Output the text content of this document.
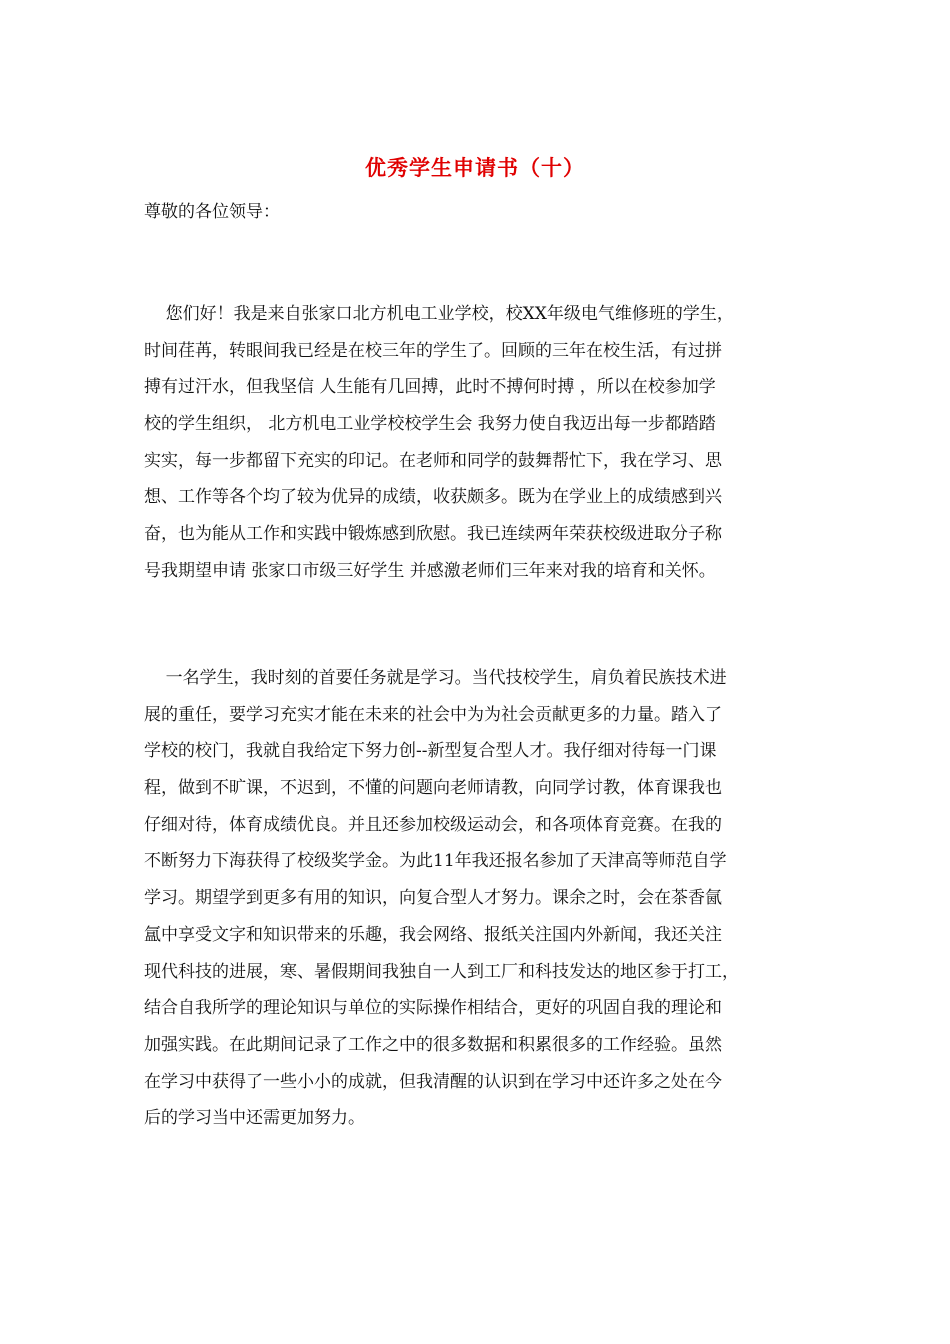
优秀学生申请书（十）
尊敬的各位领导：
您们好！我是来自张家口北方机电工业学校，校XX年级电气维修班的学生，
时间荏苒，转眼间我已经是在校三年的学生了。回顾的三年在校生活，有过拼
搏有过汗水，但我坚信 人生能有几回搏，此时不搏何时搏 ，所以在校参加学
校的学生组织， 北方机电工业学校校学生会 我努力使自我迈出每一步都踏踏
实实，每一步都留下充实的印记。在老师和同学的鼓舞帮忙下，我在学习、思
想、工作等各个均了较为优异的成绩，收获颇多。既为在学业上的成绩感到兴
奋，也为能从工作和实践中锻炼感到欣慰。我已连续两年荣获校级进取分子称
号我期望申请 张家口市级三好学生 并感激老师们三年来对我的培育和关怀。
一名学生，我时刻的首要任务就是学习。当代技校学生，肩负着民族技术进
展的重任，要学习充实才能在未来的社会中为为社会贡献更多的力量。踏入了
学校的校门，我就自我给定下努力创--新型复合型人才。我仔细对待每一门课
程，做到不旷课，不迟到，不懂的问题向老师请教，向同学讨教，体育课我也
仔细对待，体育成绩优良。并且还参加校级运动会，和各项体育竞赛。在我的
不断努力下海获得了校级奖学金。为此11年我还报名参加了天津高等师范自学
学习。期望学到更多有用的知识，向复合型人才努力。课余之时，会在茶香氤
氲中享受文字和知识带来的乐趣，我会网络、报纸关注国内外新闻，我还关注
现代科技的进展，寒、暑假期间我独自一人到工厂和科技发达的地区参于打工，
结合自我所学的理论知识与单位的实际操作相结合，更好的巩固自我的理论和
加强实践。在此期间记录了工作之中的很多数据和积累很多的工作经验。虽然
在学习中获得了一些小小的成就，但我清醒的认识到在学习中还许多之处在今
后的学习当中还需更加努力。
